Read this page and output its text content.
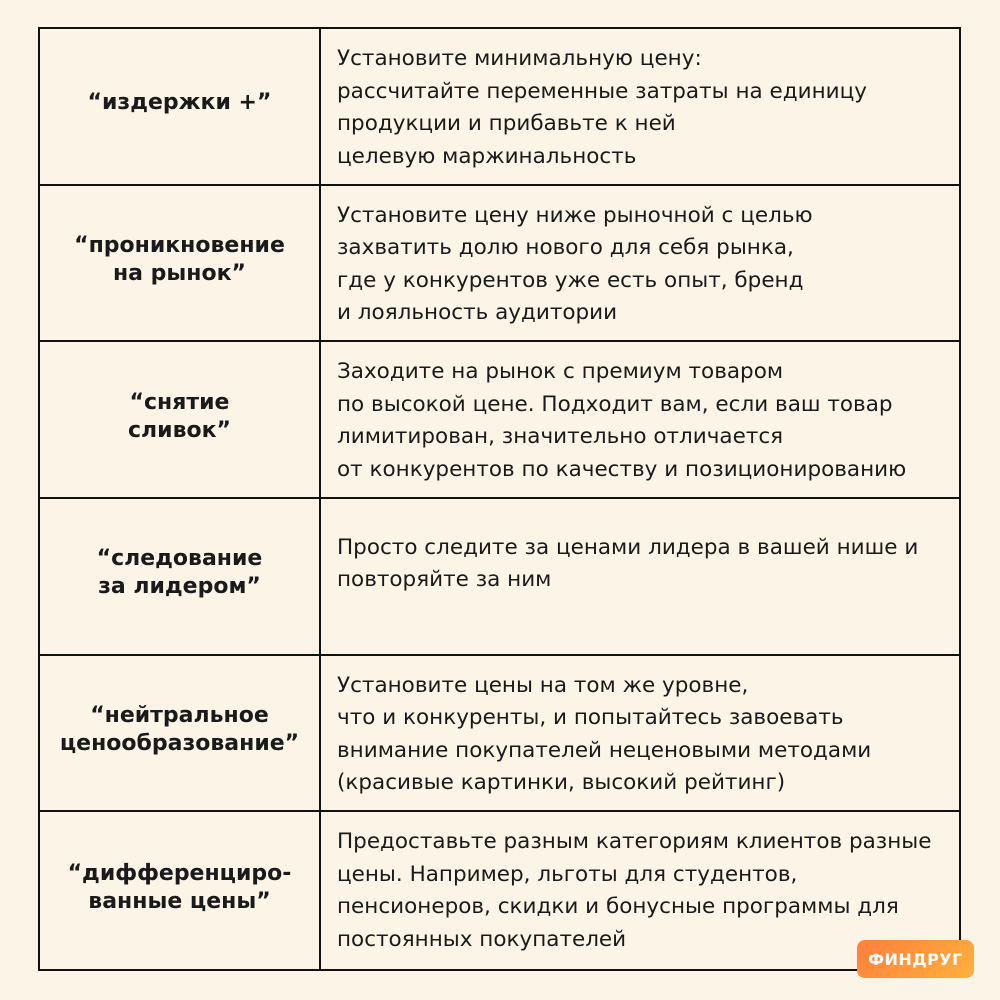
“издержки +”
Установите минимальную цену:
рассчитайте переменные затраты на единицу
продукции и прибавьте к ней
целевую маржинальность
“проникновение
на рынок”
Установите цену ниже рыночной с целью
захватить долю нового для себя рынка,
где у конкурентов уже есть опыт, бренд
и лояльность аудитории
“снятие
сливок”
Заходите на рынок с премиум товаром
по высокой цене. Подходит вам, если ваш товар
лимитирован, значительно отличается
от конкурентов по качеству и позиционированию
“следование
за лидером”
Просто следите за ценами лидера в вашей нише и
повторяйте за ним
“нейтральное
ценообразование”
Установите цены на том же уровне,
что и конкуренты, и попытайтесь завоевать
внимание покупателей неценовыми методами
(красивые картинки, высокий рейтинг)
“дифференциро-
ванные цены”
Предоставьте разным категориям клиентов разные
цены. Например, льготы для студентов,
пенсионеров, скидки и бонусные программы для
постоянных покупателей
ФИНДРУГ
